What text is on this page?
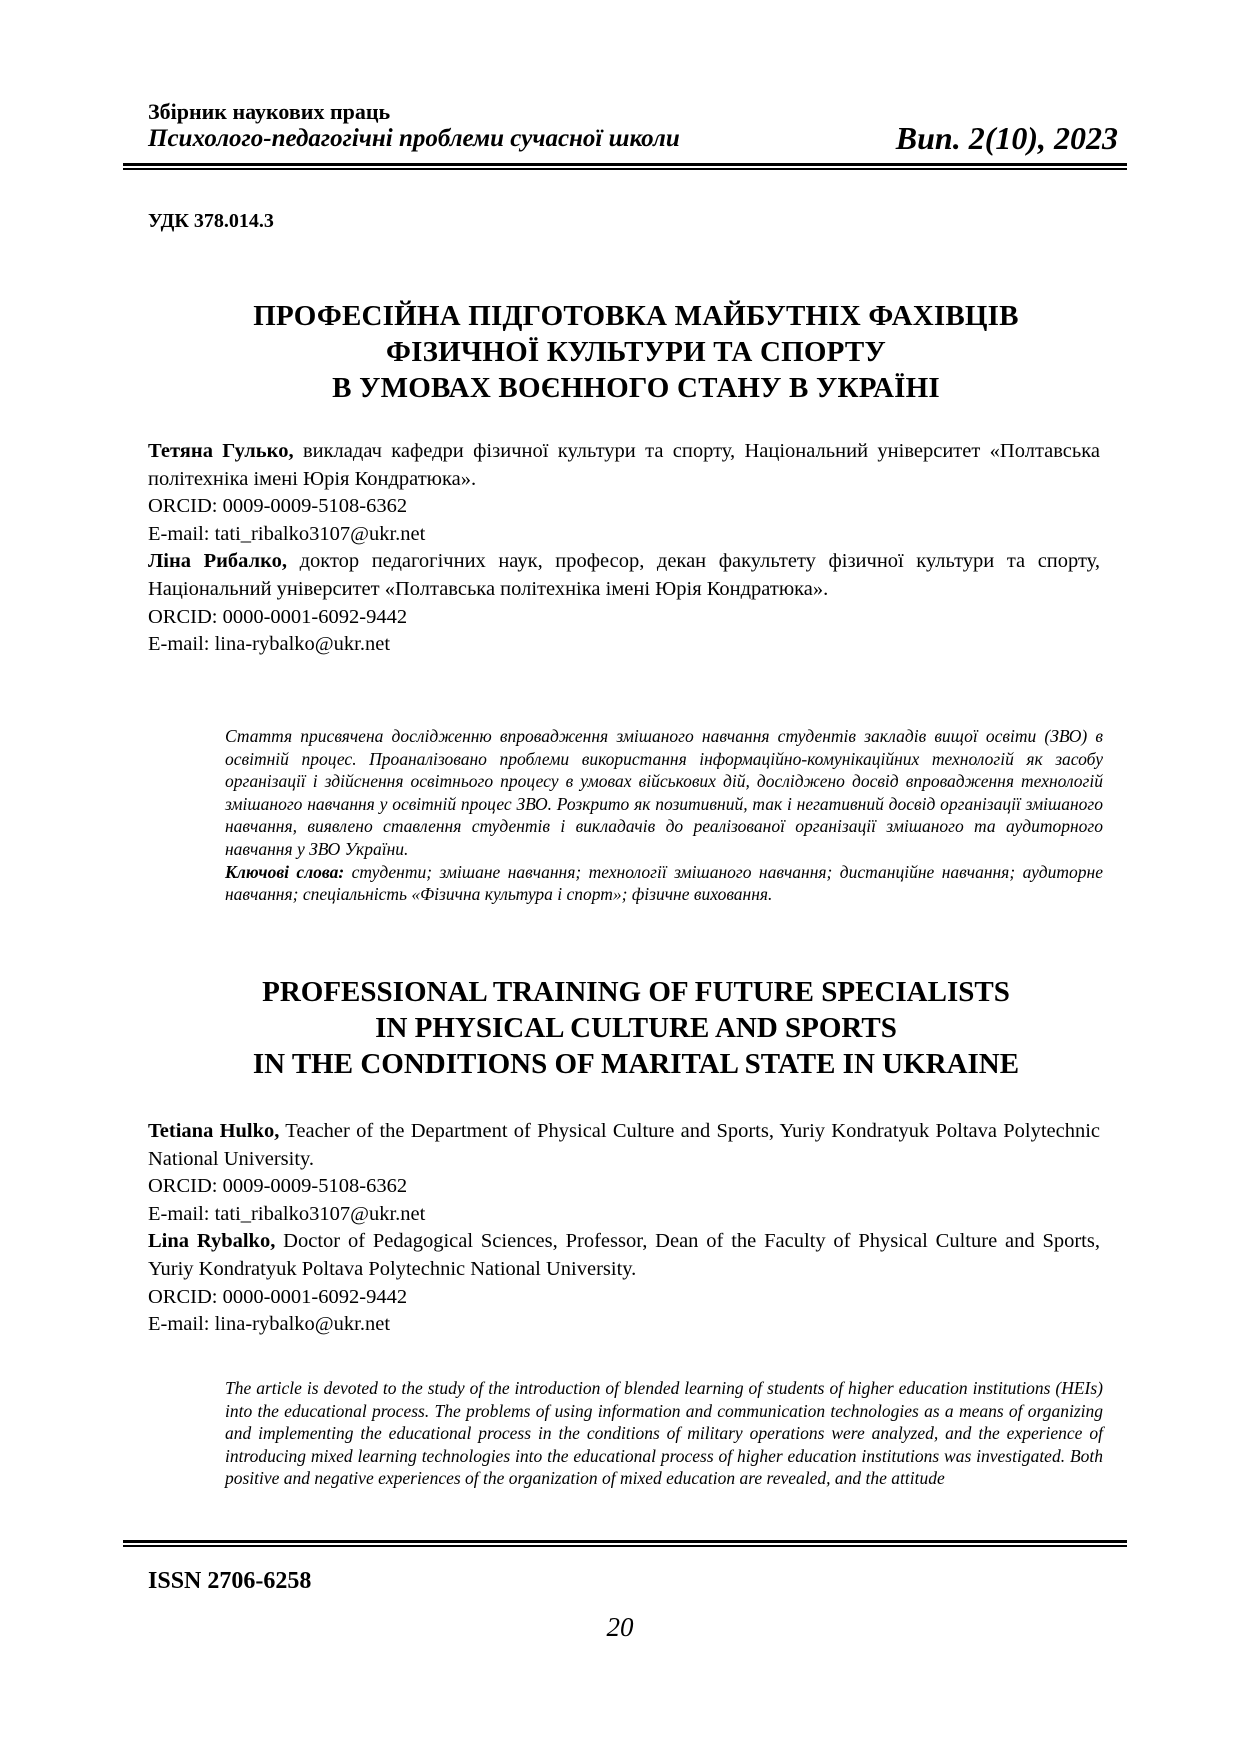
Збірник наукових праць
Психолого-педагогічні проблеми сучасної школи	Вип. 2(10), 2023
УДК 378.014.3
ПРОФЕСІЙНА ПІДГОТОВКА МАЙБУТНІХ ФАХІВЦІВ
ФІЗИЧНОЇ КУЛЬТУРИ ТА СПОРТУ
В УМОВАХ ВОЄННОГО СТАНУ В УКРАЇНІ

Тетяна Гулько, викладач кафедри фізичної культури та спорту, Національний університет «Полтавська політехніка імені Юрія Кондратюка».

ORCID: 0009-0009-5108-6362

E-mail: tati_ribalko3107@ukr.net

Ліна Рибалко, доктор педагогічних наук, професор, декан факультету фізичної культури та спорту, Національний університет «Полтавська політехніка імені Юрія Кондратюка».

ORCID: 0000-0001-6092-9442

E-mail: lina-rybalko@ukr.net

Стаття присвячена дослідженню впровадження змішаного навчання студентів закладів вищої освіти (ЗВО) в освітній процес. Проаналізовано проблеми використання інформаційно-комунікаційних технологій як засобу організації і здійснення освітнього процесу в умовах військових дій, досліджено досвід впровадження технологій змішаного навчання у освітній процес ЗВО. Розкрито як позитивний, так і негативний досвід організації змішаного навчання, виявлено ставлення студентів і викладачів до реалізованої організації змішаного та аудиторного навчання у ЗВО України.

Ключові слова: студенти; змішане навчання; технології змішаного навчання; дистанційне навчання; аудиторне навчання; спеціальність «Фізична культура і спорт»; фізичне виховання.

PROFESSIONAL TRAINING OF FUTURE SPECIALISTS
IN PHYSICAL CULTURE AND SPORTS
IN THE CONDITIONS OF MARITAL STATE IN UKRAINE

Tetiana Hulko, Teacher of the Department of Physical Culture and Sports, Yuriy Kondratyuk Poltava Polytechnic National University.

ORCID: 0009-0009-5108-6362

E-mail: tati_ribalko3107@ukr.net

Lina Rybalko, Doctor of Pedagogical Sciences, Professor, Dean of the Faculty of Physical Culture and Sports, Yuriy Kondratyuk Poltava Polytechnic National University.

ORCID: 0000-0001-6092-9442

E-mail: lina-rybalko@ukr.net

The article is devoted to the study of the introduction of blended learning of students of higher education institutions (HEIs) into the educational process. The problems of using information and communication technologies as a means of organizing and implementing the educational process in the conditions of military operations were analyzed, and the experience of introducing mixed learning technologies into the educational process of higher education institutions was investigated. Both positive and negative experiences of the organization of mixed education are revealed, and the attitude

ISSN 2706-6258
20
